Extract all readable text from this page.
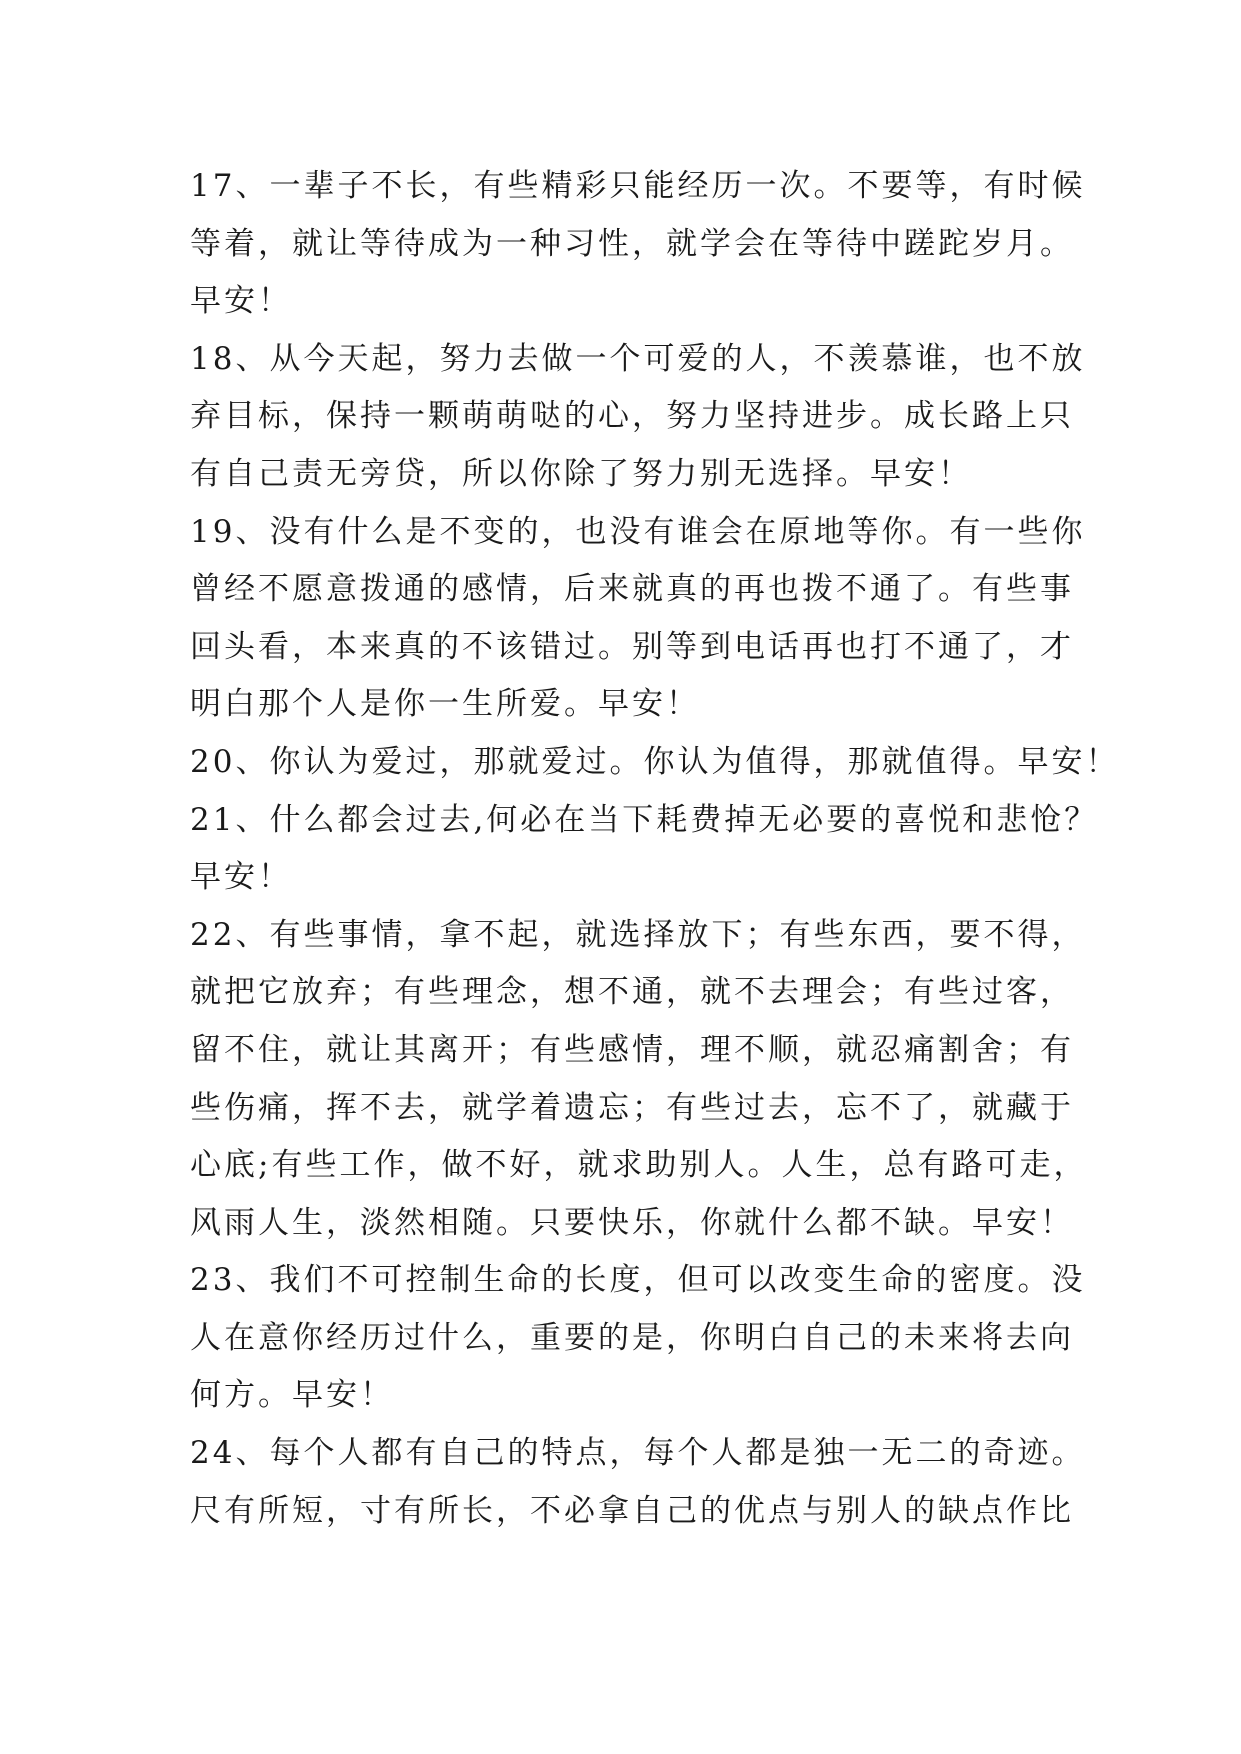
17、一辈子不长，有些精彩只能经历一次。不要等，有时候
等着，就让等待成为一种习性，就学会在等待中蹉跎岁月。
早安！
18、从今天起，努力去做一个可爱的人，不羡慕谁，也不放
弃目标，保持一颗萌萌哒的心，努力坚持进步。成长路上只
有自己责无旁贷，所以你除了努力别无选择。早安！
19、没有什么是不变的，也没有谁会在原地等你。有一些你
曾经不愿意拨通的感情，后来就真的再也拨不通了。有些事
回头看，本来真的不该错过。别等到电话再也打不通了，才
明白那个人是你一生所爱。早安！
20、你认为爱过，那就爱过。你认为值得，那就值得。早安！
21、什么都会过去,何必在当下耗费掉无必要的喜悦和悲怆？
早安！
22、有些事情，拿不起，就选择放下；有些东西，要不得，
就把它放弃；有些理念，想不通，就不去理会；有些过客，
留不住，就让其离开；有些感情，理不顺，就忍痛割舍；有
些伤痛，挥不去，就学着遗忘；有些过去，忘不了，就藏于
心底;有些工作，做不好，就求助别人。人生，总有路可走，
风雨人生，淡然相随。只要快乐，你就什么都不缺。早安！
23、我们不可控制生命的长度，但可以改变生命的密度。没
人在意你经历过什么，重要的是，你明白自己的未来将去向
何方。早安！
24、每个人都有自己的特点，每个人都是独一无二的奇迹。
尺有所短，寸有所长，不必拿自己的优点与别人的缺点作比
